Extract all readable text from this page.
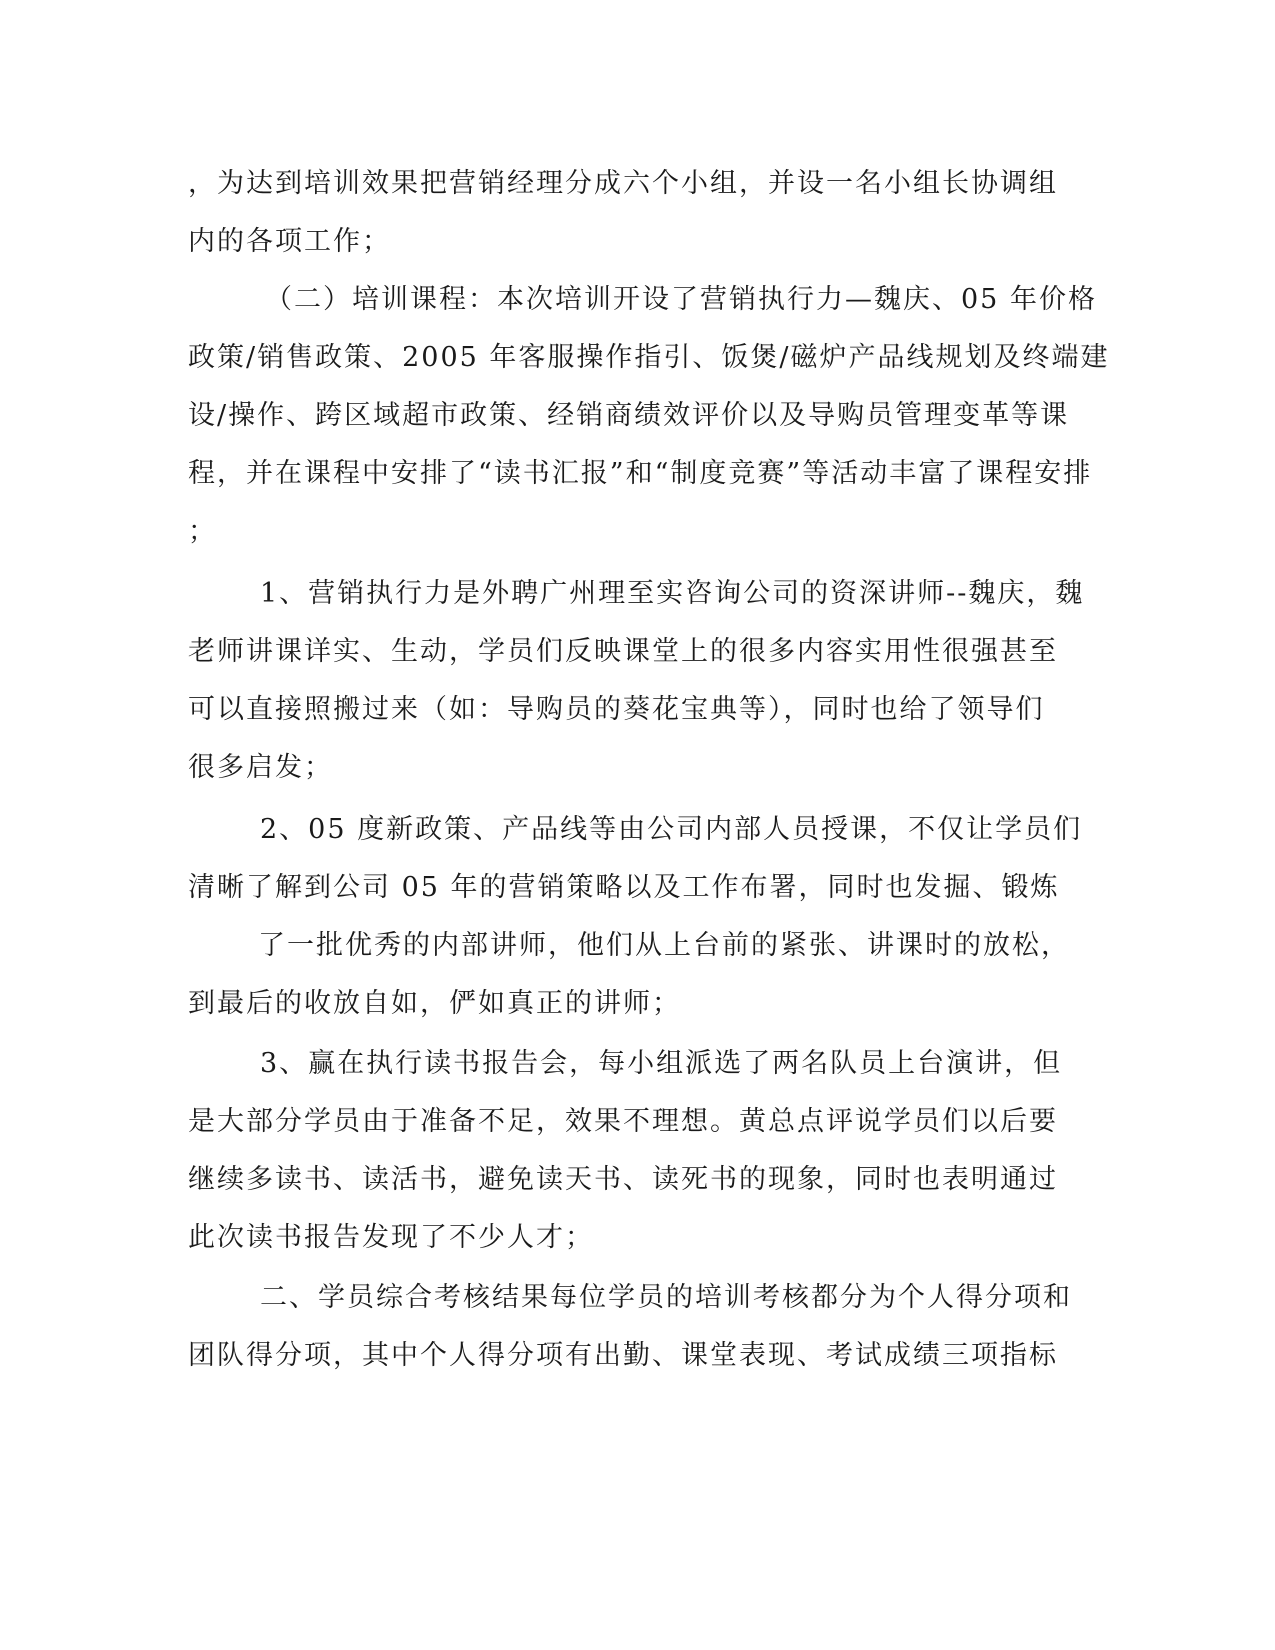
，为达到培训效果把营销经理分成六个小组，并设一名小组长协调组
内的各项工作；
（二）培训课程：本次培训开设了营销执行力—魏庆、05 年价格
政策/销售政策、2005 年客服操作指引、饭煲/磁炉产品线规划及终端建
设/操作、跨区域超市政策、经销商绩效评价以及导购员管理变革等课
程，并在课程中安排了“读书汇报”和“制度竞赛”等活动丰富了课程安排
；
1、营销执行力是外聘广州理至实咨询公司的资深讲师--魏庆，魏
老师讲课详实、生动，学员们反映课堂上的很多内容实用性很强甚至
可以直接照搬过来（如：导购员的葵花宝典等），同时也给了领导们
很多启发；
2、05 度新政策、产品线等由公司内部人员授课，不仅让学员们
清晰了解到公司 05 年的营销策略以及工作布署，同时也发掘、锻炼
了一批优秀的内部讲师，他们从上台前的紧张、讲课时的放松，
到最后的收放自如，俨如真正的讲师；
3、赢在执行读书报告会，每小组派选了两名队员上台演讲，但
是大部分学员由于准备不足，效果不理想。黄总点评说学员们以后要
继续多读书、读活书，避免读天书、读死书的现象，同时也表明通过
此次读书报告发现了不少人才；
二、学员综合考核结果每位学员的培训考核都分为个人得分项和
团队得分项，其中个人得分项有出勤、课堂表现、考试成绩三项指标
